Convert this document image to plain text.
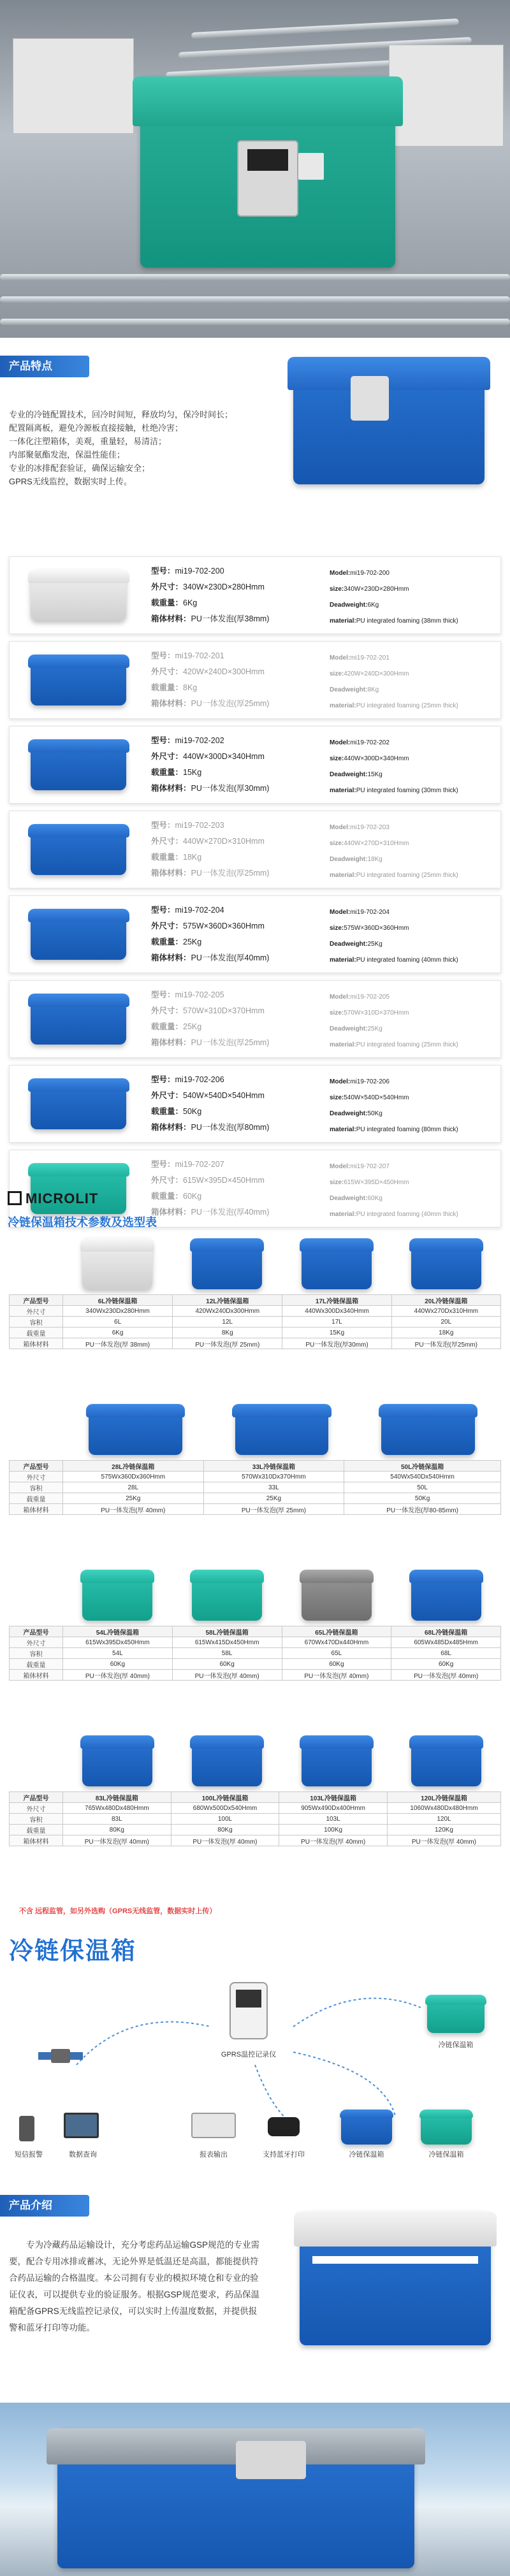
产品特点
专业的冷链配置技术，回冷时间短，释放均匀，保冷时间长；
配置隔离板，避免冷源板直接接触，杜绝冷害；
一体化注塑箱体，美观，重量轻，易清洁；
内部聚氨酯发泡，保温性能佳；
专业的冰排配套验证，确保运输安全；
GPRS无线监控，数据实时上传。
型号：mi19-702-200
外尺寸：340W×230D×280Hmm
载重量：6Kg
箱体材料：PU一体发泡(厚38mm)
Model:mi19-702-200
size:340W×230D×280Hmm
Deadweight:6Kg
material:PU integrated foaming (38mm thick)
型号：mi19-702-201
外尺寸：420W×240D×300Hmm
载重量：8Kg
箱体材料：PU一体发泡(厚25mm)
Model:mi19-702-201
size:420W×240D×300Hmm
Deadweight:8Kg
material:PU integrated foaming (25mm thick)
型号：mi19-702-202
外尺寸：440W×300D×340Hmm
载重量：15Kg
箱体材料：PU一体发泡(厚30mm)
Model:mi19-702-202
size:440W×300D×340Hmm
Deadweight:15Kg
material:PU integrated foaming (30mm thick)
型号：mi19-702-203
外尺寸：440W×270D×310Hmm
载重量：18Kg
箱体材料：PU一体发泡(厚25mm)
Model:mi19-702-203
size:440W×270D×310Hmm
Deadweight:18Kg
material:PU integrated foaming (25mm thick)
型号：mi19-702-204
外尺寸：575W×360D×360Hmm
载重量：25Kg
箱体材料：PU一体发泡(厚40mm)
Model:mi19-702-204
size:575W×360D×360Hmm
Deadweight:25Kg
material:PU integrated foaming (40mm thick)
型号：mi19-702-205
外尺寸：570W×310D×370Hmm
载重量：25Kg
箱体材料：PU一体发泡(厚25mm)
Model:mi19-702-205
size:570W×310D×370Hmm
Deadweight:25Kg
material:PU integrated foaming (25mm thick)
型号：mi19-702-206
外尺寸：540W×540D×540Hmm
载重量：50Kg
箱体材料：PU一体发泡(厚80mm)
Model:mi19-702-206
size:540W×540D×540Hmm
Deadweight:50Kg
material:PU integrated foaming (80mm thick)
型号：mi19-702-207
外尺寸：615W×395D×450Hmm
载重量：60Kg
箱体材料：PU一体发泡(厚40mm)
Model:mi19-702-207
size:615W×395D×450Hmm
Deadweight:60Kg
material:PU integrated foaming (40mm thick)
MICROLIT
冷链保温箱技术参数及选型表
产品型号	6L冷链保温箱	12L冷链保温箱	17L冷链保温箱	20L冷链保温箱
外尺寸	340Wx230Dx280Hmm	420Wx240Dx300Hmm	440Wx300Dx340Hmm	440Wx270Dx310Hmm
容积	6L	12L	17L	20L
载重量	6Kg	8Kg	15Kg	18Kg
箱体材料	PU一体发泡(厚 38mm)	PU一体发泡(厚 25mm)	PU一体发泡(厚30mm)	PU一体发泡(厚25mm)
产品型号	28L冷链保温箱	33L冷链保温箱	50L冷链保温箱
外尺寸	575Wx360Dx360Hmm	570Wx310Dx370Hmm	540Wx540Dx540Hmm
容积	28L	33L	50L
载重量	25Kg	25Kg	50Kg
箱体材料	PU一体发泡(厚 40mm)	PU一体发泡(厚 25mm)	PU一体发泡(厚80-85mm)
产品型号	54L冷链保温箱	58L冷链保温箱	65L冷链保温箱	68L冷链保温箱
外尺寸	615Wx395Dx450Hmm	615Wx415Dx450Hmm	670Wx470Dx440Hmm	605Wx485Dx485Hmm
容积	54L	58L	65L	68L
载重量	60Kg	60Kg	60Kg	60Kg
箱体材料	PU一体发泡(厚 40mm)	PU一体发泡(厚 40mm)	PU一体发泡(厚 40mm)	PU一体发泡(厚 40mm)
产品型号	83L冷链保温箱	100L冷链保温箱	103L冷链保温箱	120L冷链保温箱
外尺寸	765Wx480Dx480Hmm	680Wx500Dx540Hmm	905Wx490Dx400Hmm	1060Wx480Dx480Hmm
容积	83L	100L	103L	120L
载重量	80Kg	80Kg	100Kg	120Kg
箱体材料	PU一体发泡(厚 40mm)	PU一体发泡(厚 40mm)	PU一体发泡(厚 40mm)	PU一体发泡(厚 40mm)
不含 远程监管，如另外选购（GPRS无线监管，数据实时上传）
冷链保温箱
GPRS温控记录仪
冷链保温箱
短信报警	数据查询	报表输出	支持蓝牙打印	冷链保温箱	冷链保温箱
产品介绍
专为冷藏药品运输设计，充分考虑药品运输GSP规范的专业需要，配合专用冰排或蓄冰，无论外界是低温还是高温，都能提供符合药品运输的合格温度。本公司拥有专业的模拟环境仓和专业的验证仪表，可以提供专业的验证服务。根据GSP规范要求，药品保温箱配备GPRS无线监控记录仪，可以实时上传温度数据，并提供报警和蓝牙打印等功能。
